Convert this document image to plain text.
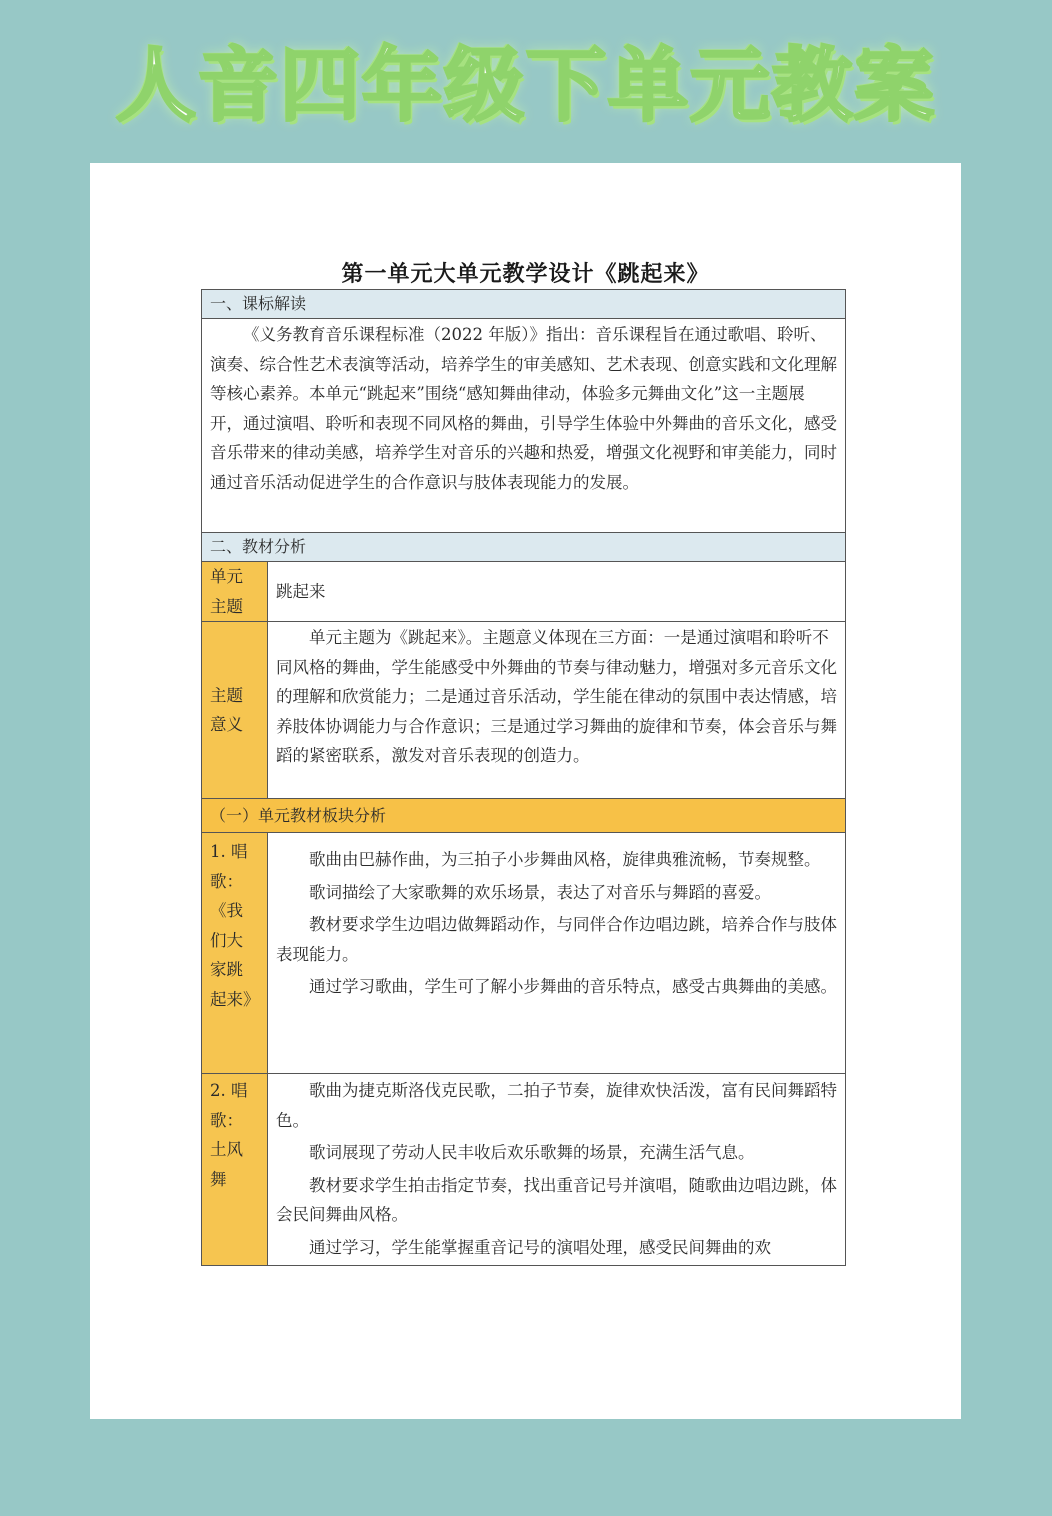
人音四年级下单元教案
第一单元大单元教学设计《跳起来》
一、课标解读	

《义务教育音乐课程标准（2022 年版）》指出：音乐课程旨在通过歌唱、聆听、演奏、综合性艺术表演等活动，培养学生的审美感知、艺术表现、创意实践和文化理解等核心素养。本单元“跳起来”围绕“感知舞曲律动，体验多元舞曲文化”这一主题展开，通过演唱、聆听和表现不同风格的舞曲，引导学生体验中外舞曲的音乐文化，感受音乐带来的律动美感，培养学生对音乐的兴趣和热爱，增强文化视野和审美能力，同时通过音乐活动促进学生的合作意识与肢体表现能力的发展。	

二、教材分析	
单元主题	跳起来
主题意义	单元主题为《跳起来》。主题意义体现在三方面：一是通过演唱和聆听不同风格的舞曲，学生能感受中外舞曲的节奏与律动魅力，增强对多元音乐文化的理解和欣赏能力；二是通过音乐活动，学生能在律动的氛围中表达情感，培养肢体协调能力与合作意识；三是通过学习舞曲的旋律和节奏，体会音乐与舞蹈的紧密联系，激发对音乐表现的创造力。

（一）单元教材板块分析	
1. 唱歌：《我们大家跳起来》	歌曲由巴赫作曲，为三拍子小步舞曲风格，旋律典雅流畅，节奏规整。

歌词描绘了大家歌舞的欢乐场景，表达了对音乐与舞蹈的喜爱。

教材要求学生边唱边做舞蹈动作，与同伴合作边唱边跳，培养合作与肢体表现能力。

通过学习歌曲，学生可了解小步舞曲的音乐特点，感受古典舞曲的美感。

2. 唱歌：土风舞	歌曲为捷克斯洛伐克民歌，二拍子节奏，旋律欢快活泼，富有民间舞蹈特色。

歌词展现了劳动人民丰收后欢乐歌舞的场景，充满生活气息。

教材要求学生拍击指定节奏，找出重音记号并演唱，随歌曲边唱边跳，体会民间舞曲风格。

通过学习，学生能掌握重音记号的演唱处理，感受民间舞曲的欢
